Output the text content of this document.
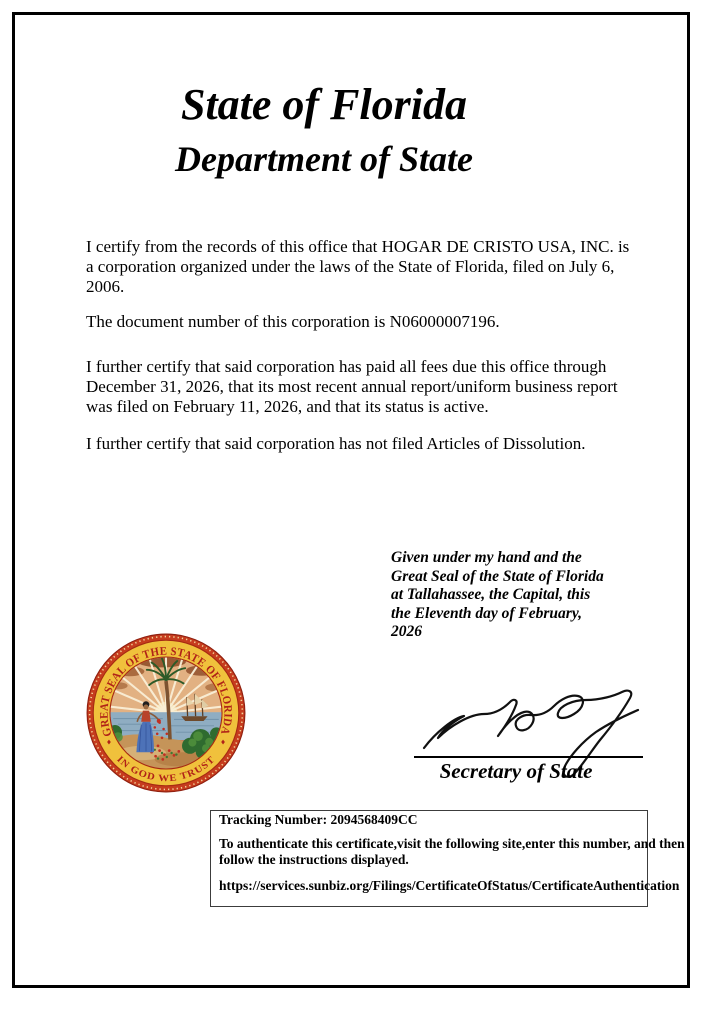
State of Florida
Department of State
I certify from the records of this office that HOGAR DE CRISTO USA, INC. is
a corporation organized under the laws of the State of Florida, filed on July 6,
2006.
The document number of this corporation is N06000007196.
I further certify that said corporation has paid all fees due this office through
December 31, 2026, that its most recent annual report/uniform business report
was filed on February 11, 2026, and that its status is active.
I further certify that said corporation has not filed Articles of Dissolution.
Given under my hand and the
Great Seal of the State of Florida
at Tallahassee, the Capital, this
the Eleventh day of February,
2026
GREAT SEAL OF THE STATE OF FLORIDA
IN GOD WE TRUST	Secretary of State
Tracking Number: 2094568409CC
To authenticate this certificate,visit the following site,enter this number, and then
follow the instructions displayed.
https://services.sunbiz.org/Filings/CertificateOfStatus/CertificateAuthentication
